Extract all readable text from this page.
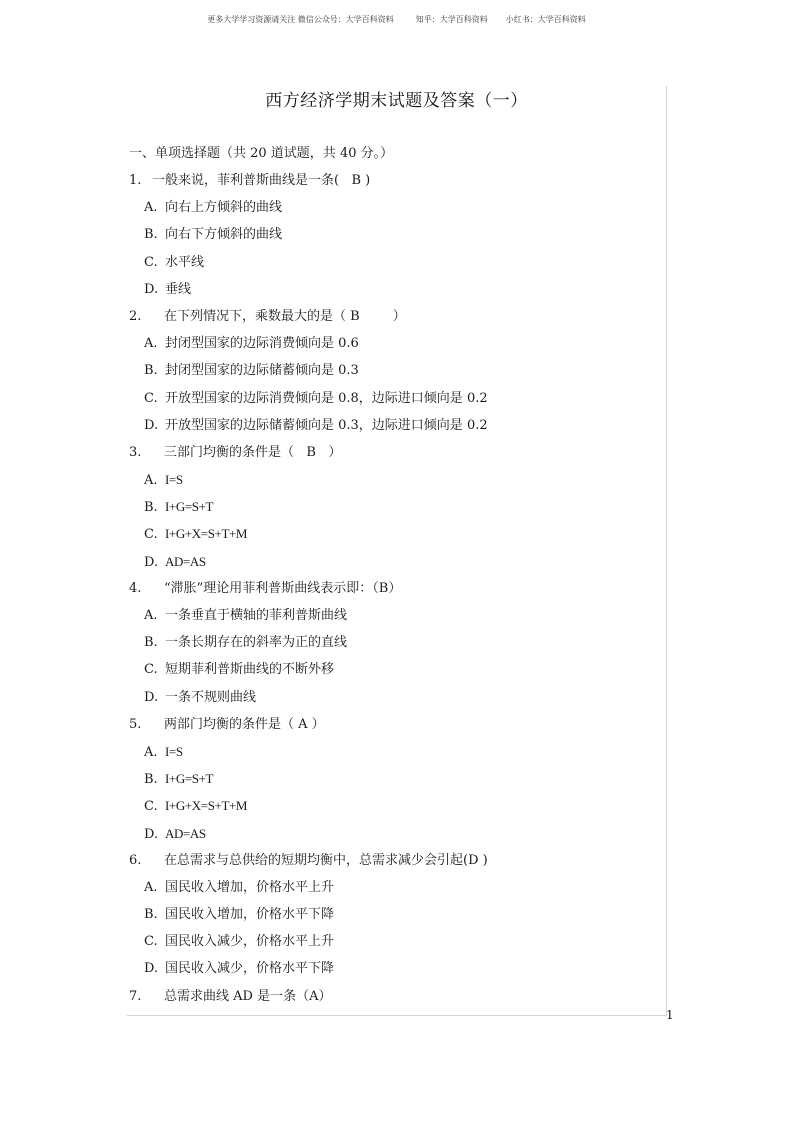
更多大学学习资源请关注 微信公众号：大学百科资料	知乎：大学百科资料 小红书：大学百科资料
西方经济学期末试题及答案（一）
1
一、单项选择题（共 20 道试题，共 40 分。）
1. 一般来说，菲利普斯曲线是一条(   B )
A. 向右上方倾斜的曲线
B. 向右下方倾斜的曲线
C. 水平线
D. 垂线
2. 在下列情况下，乘数最大的是（ B        ）
A. 封闭型国家的边际消费倾向是 0.6
B. 封闭型国家的边际储蓄倾向是 0.3
C. 开放型国家的边际消费倾向是 0.8，边际进口倾向是 0.2
D. 开放型国家的边际储蓄倾向是 0.3，边际进口倾向是 0.2
3. 三部门均衡的条件是（   B   ）
A. I=S
B. I+G=S+T
C. I+G+X=S+T+M
D. AD=AS
4. “滞胀”理论用菲利普斯曲线表示即：（B）
A. 一条垂直于横轴的菲利普斯曲线
B. 一条长期存在的斜率为正的直线
C. 短期菲利普斯曲线的不断外移
D. 一条不规则曲线
5. 两部门均衡的条件是（ A ）
A. I=S
B. I+G=S+T
C. I+G+X=S+T+M
D. AD=AS
6. 在总需求与总供给的短期均衡中，总需求减少会引起(D )
A. 国民收入增加，价格水平上升
B. 国民收入增加，价格水平下降
C. 国民收入减少，价格水平上升
D. 国民收入减少，价格水平下降
7. 总需求曲线 AD 是一条（A）
